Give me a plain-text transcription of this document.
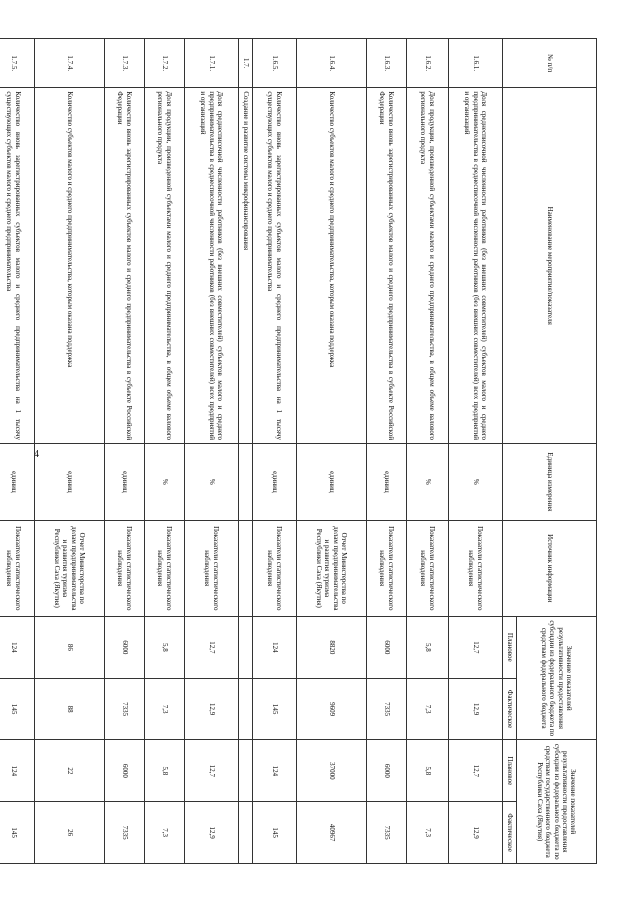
4
№ п/п	Наименование мероприятия/показателя	Единица измерения	Источник информации	Значение показателей результативности предоставления субсидии из федерального бюджета по средствам федерального бюджета		Значение показателей результативности предоставления субсидии из федерального бюджета по средствам государственного бюджета Республики Саха (Якутия)	
				Плановое	Фактическое	Плановое	Фактическое
1.6.1.	Доля среднесписочной численности работников (без внешних совместителей) субъектов малого и среднего предпринимательства в среднесписочной численности работников (без внешних совместителей) всех предприятий и организаций	%	Показатели статистического наблюдения	12,7	12,9	12,7	12,9
1.6.2.	Доля продукции, произведенной субъектами малого и среднего предпринимательства, в общем объеме валового регионального продукта	%	Показатели статистического наблюдения	5,8	7,3	5,8	7,3
1.6.3.	Количество вновь зарегистрированных субъектов малого и среднего предпринимательства в субъекте Российской Федерации	единиц	Показатели статистического наблюдения	6000	7335	6000	7335
1.6.4.	Количество субъектов малого и среднего предпринимательства, которым оказана поддержка	единиц	Отчет Министерства по делам предпринимательства и развития туризма Республики Саха (Якутия)	8820	9609	37000	40967
1.6.5.	Количество вновь зарегистрированных субъектов малого и среднего предпринимательства на 1 тысячу существующих субъектов малого и среднего предпринимательства	единиц	Показатели статистического наблюдения	124	145	124	145
1.7.	Создание и развитие системы микрофинансирования						
1.7.1.	Доля среднесписочной численности работников (без внешних совместителей) субъектов малого и среднего предпринимательства в среднесписочной численности работников (без внешних совместителей) всех предприятий и организаций	%	Показатели статистического наблюдения	12,7	12,9	12,7	12,9
1.7.2.	Доля продукции, произведенной субъектами малого и среднего предпринимательства, в общем объеме валового регионального продукта	%	Показатели статистического наблюдения	5,8	7,3	5,8	7,3
1.7.3.	Количество вновь зарегистрированных субъектов малого и среднего предпринимательства в субъекте Российской Федерации	единиц	Показатели статистического наблюдения	6000	7335	6000	7335
1.7.4.	Количество субъектов малого и среднего предпринимательства, которым оказана поддержка	единиц	Отчет Министерства по делам предпринимательства и развития туризма Республики Саха (Якутия)	86	88	22	26
1.7.5.	Количество вновь зарегистрированных субъектов малого и среднего предпринимательства на 1 тысячу существующих субъектов малого и среднего предпринимательства	единиц	Показатели статистического наблюдения	124	145	124	145
